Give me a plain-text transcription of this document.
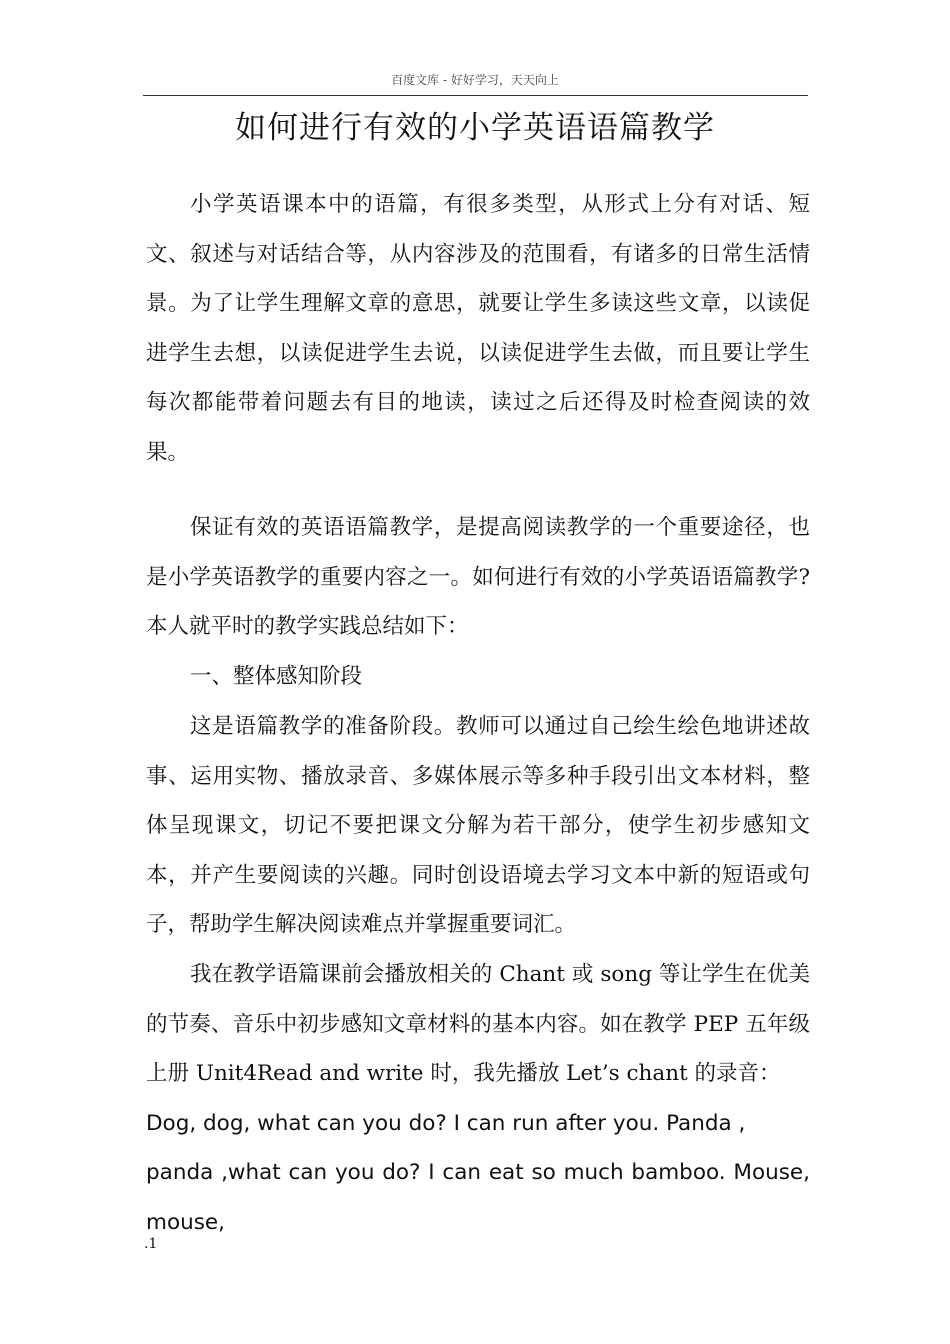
百度文库 - 好好学习，天天向上
如何进行有效的小学英语语篇教学

小学英语课本中的语篇，有很多类型，从形式上分有对话、短文、叙述与对话结合等，从内容涉及的范围看，有诸多的日常生活情景。为了让学生理解文章的意思，就要让学生多读这些文章，以读促进学生去想，以读促进学生去说，以读促进学生去做，而且要让学生每次都能带着问题去有目的地读，读过之后还得及时检查阅读的效果。

保证有效的英语语篇教学，是提高阅读教学的一个重要途径，也是小学英语教学的重要内容之一。如何进行有效的小学英语语篇教学?本人就平时的教学实践总结如下：

一、整体感知阶段

这是语篇教学的准备阶段。教师可以通过自己绘生绘色地讲述故事、运用实物、播放录音、多媒体展示等多种手段引出文本材料，整体呈现课文，切记不要把课文分解为若干部分，使学生初步感知文本，并产生要阅读的兴趣。同时创设语境去学习文本中新的短语或句子，帮助学生解决阅读难点并掌握重要词汇。

我在教学语篇课前会播放相关的 Chant 或 song 等让学生在优美的节奏、音乐中初步感知文章材料的基本内容。如在教学 PEP 五年级上册 Unit4Read and write 时，我先播放 Let’s chant 的录音：

Dog, dog, what can you do? I can run after you. Panda ,

panda ,what can you do? I can eat so much bamboo. Mouse, mouse,

.1
